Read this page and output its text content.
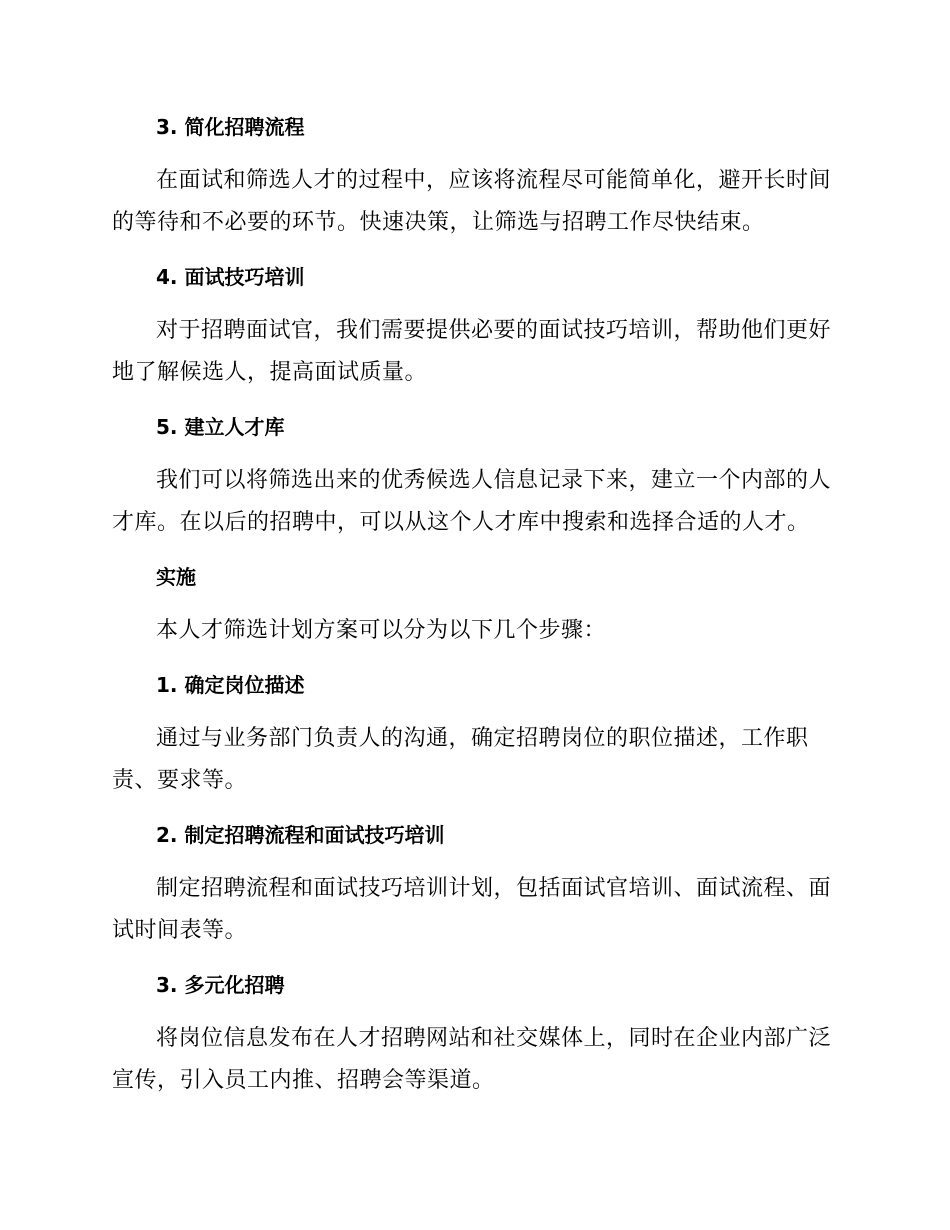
3. 简化招聘流程
在面试和筛选人才的过程中，应该将流程尽可能简单化，避开长时间的等待和不必要的环节。快速决策，让筛选与招聘工作尽快结束。
4. 面试技巧培训
对于招聘面试官，我们需要提供必要的面试技巧培训，帮助他们更好地了解候选人，提高面试质量。
5. 建立人才库
我们可以将筛选出来的优秀候选人信息记录下来，建立一个内部的人才库。在以后的招聘中，可以从这个人才库中搜索和选择合适的人才。
实施
本人才筛选计划方案可以分为以下几个步骤：
1. 确定岗位描述
通过与业务部门负责人的沟通，确定招聘岗位的职位描述，工作职责、要求等。
2. 制定招聘流程和面试技巧培训
制定招聘流程和面试技巧培训计划，包括面试官培训、面试流程、面试时间表等。
3. 多元化招聘
将岗位信息发布在人才招聘网站和社交媒体上，同时在企业内部广泛宣传，引入员工内推、招聘会等渠道。
